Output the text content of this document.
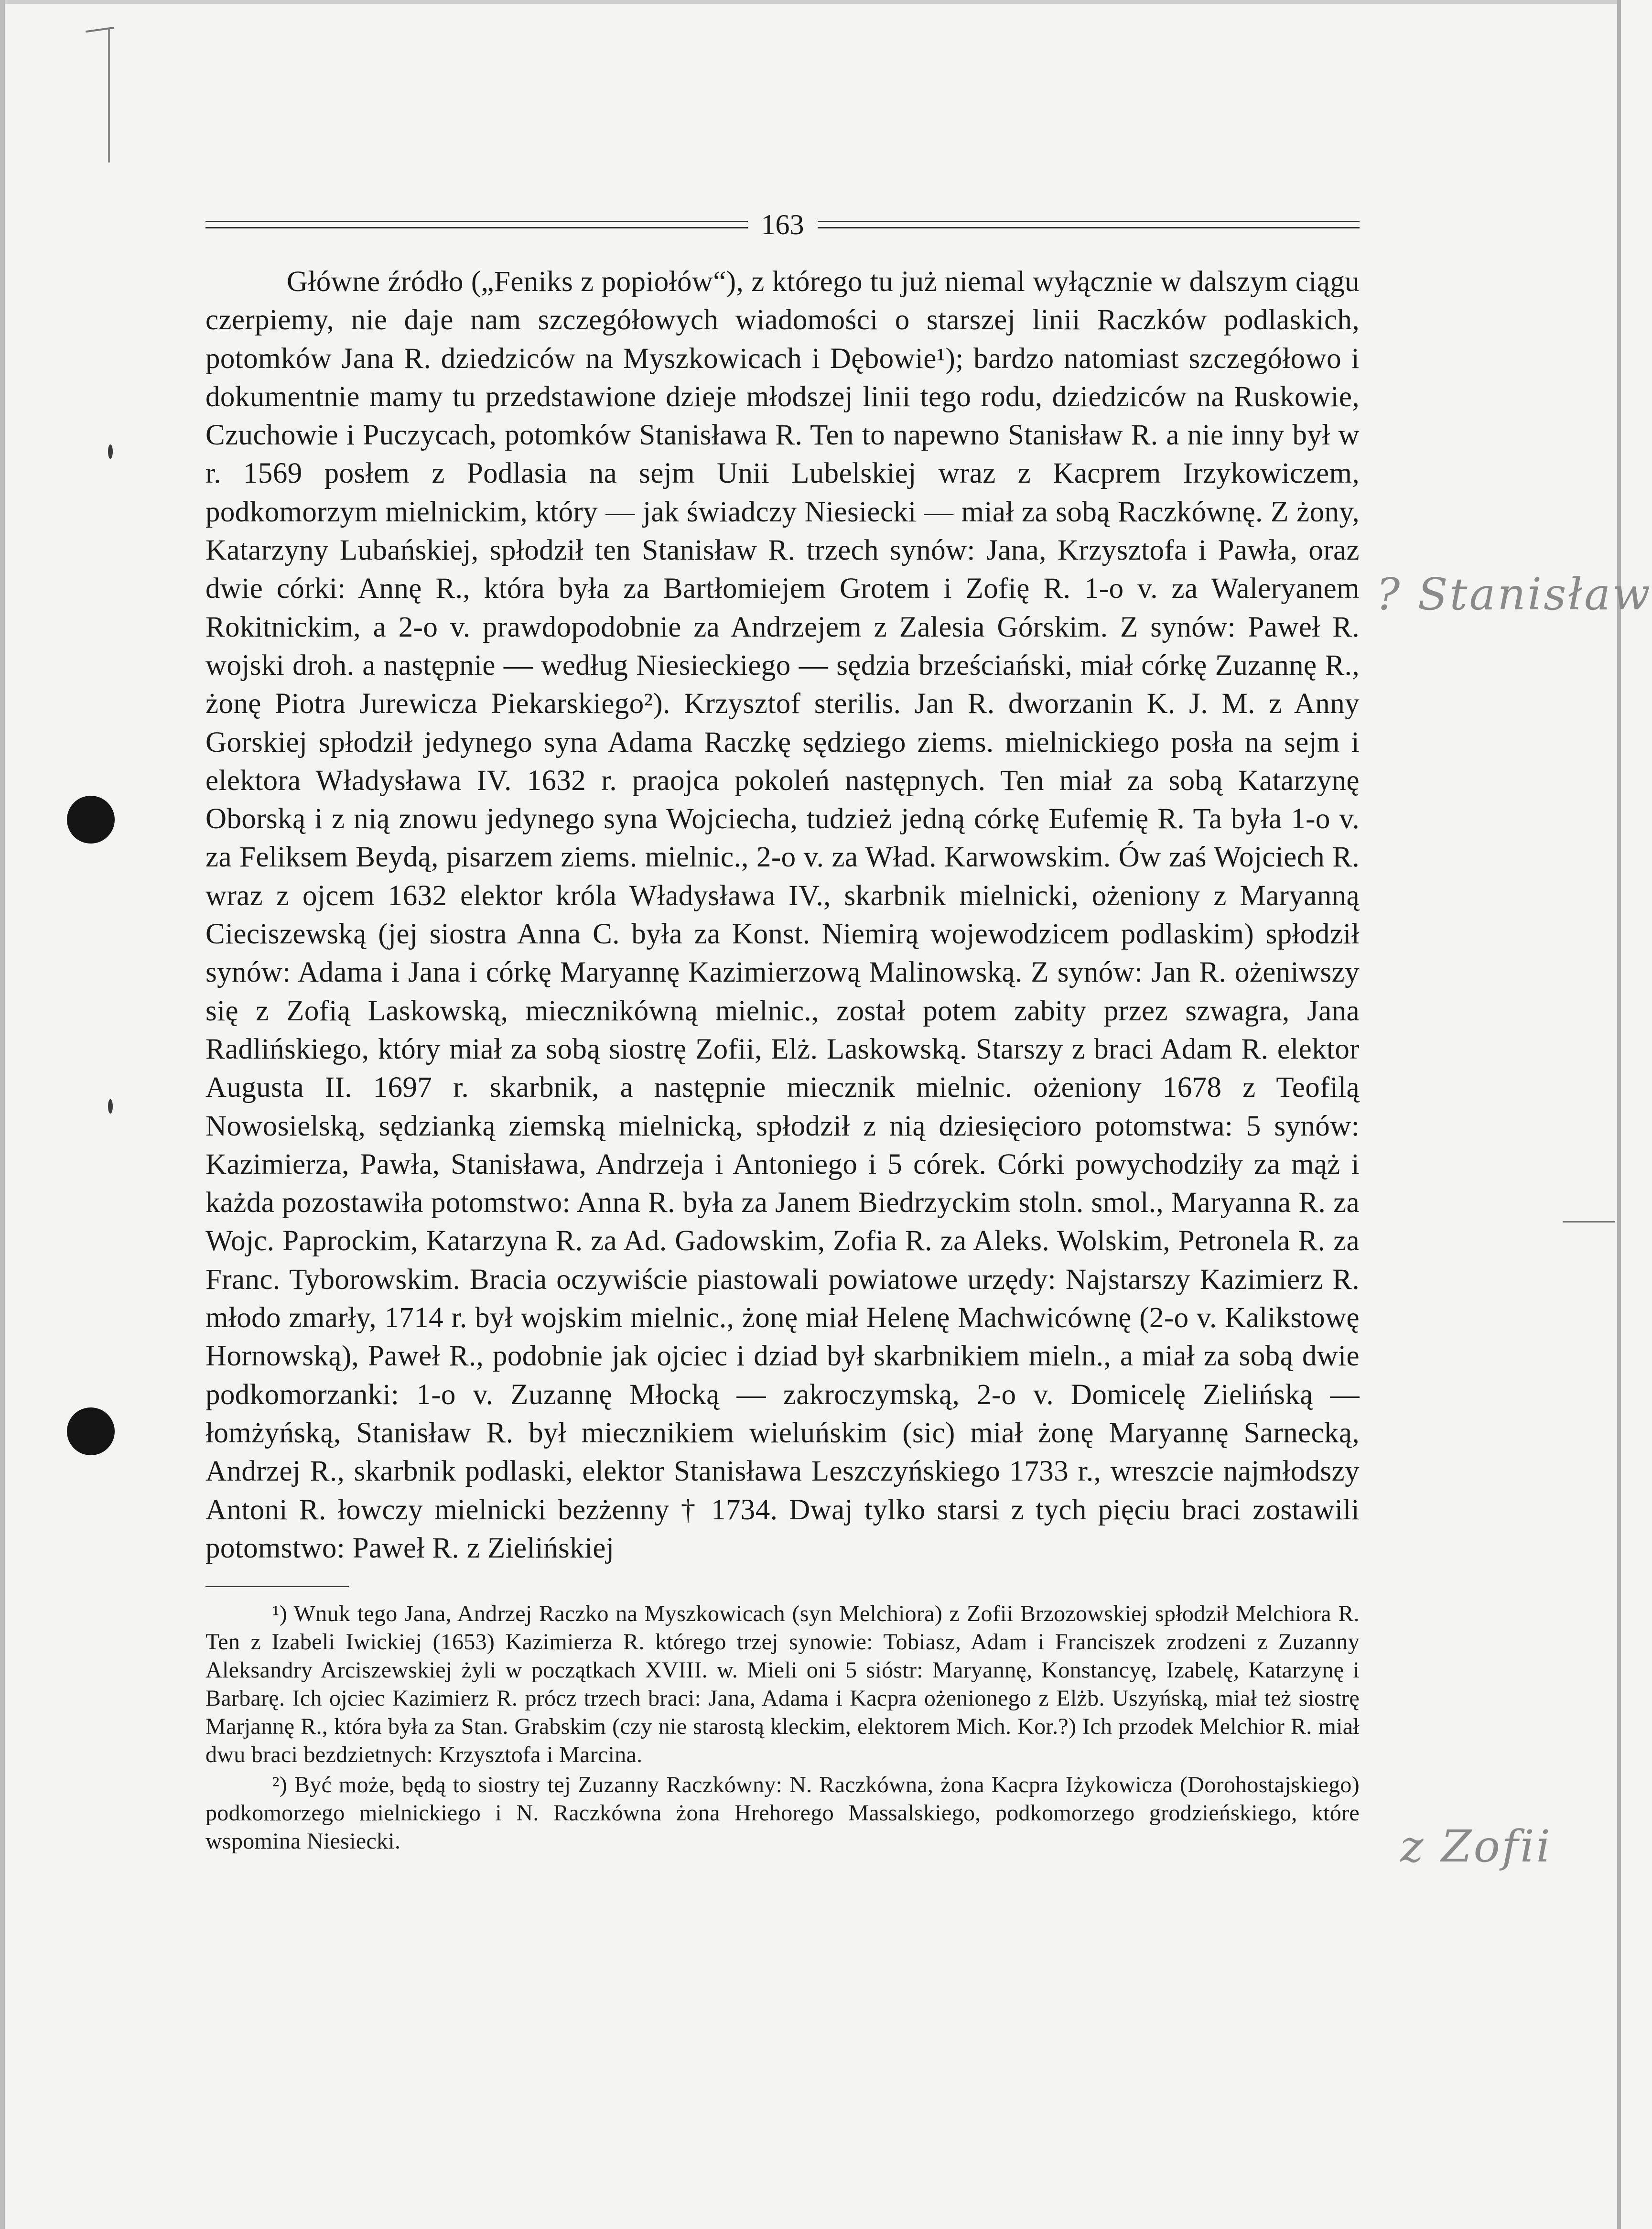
163

Główne źródło („Feniks z popiołów“), z którego tu już niemal wyłącznie w dalszym ciągu czerpiemy, nie daje nam szczegółowych wiadomości o starszej linii Raczków podlaskich, potomków Jana R. dziedziców na Myszkowicach i Dębowie¹); bardzo natomiast szczegółowo i dokumentnie mamy tu przedstawione dzieje młodszej linii tego rodu, dziedziców na Ruskowie, Czuchowie i Puczycach, potomków Stanisława R. Ten to napewno Stanisław R. a nie inny był w r. 1569 posłem z Podlasia na sejm Unii Lubelskiej wraz z Kacprem Irzykowiczem, podkomorzym mielnickim, który — jak świadczy Niesiecki — miał za sobą Raczkównę. Z żony, Katarzyny Lubańskiej, spłodził ten Stanisław R. trzech synów: Jana, Krzysztofa i Pawła, oraz dwie córki: Annę R., która była za Bartłomiejem Grotem i Zofię R. 1-o v. za Waleryanem Rokitnickim, a 2-o v. prawdopodobnie za Andrzejem z Zalesia Górskim. Z synów: Paweł R. wojski droh. a następnie — według Niesieckiego — sędzia brześciański, miał córkę Zuzannę R., żonę Piotra Jurewicza Piekarskiego²). Krzysztof sterilis. Jan R. dworzanin K. J. M. z Anny Gorskiej spłodził jedynego syna Adama Raczkę sędziego ziems. mielnickiego posła na sejm i elektora Władysława IV. 1632 r. praojca pokoleń następnych. Ten miał za sobą Katarzynę Oborską i z nią znowu jedynego syna Wojciecha, tudzież jedną córkę Eufemię R. Ta była 1-o v. za Feliksem Beydą, pisarzem ziems. mielnic., 2-o v. za Wład. Karwowskim. Ów zaś Wojciech R. wraz z ojcem 1632 elektor króla Władysława IV., skarbnik mielnicki, ożeniony z Maryanną Cieciszewską (jej siostra Anna C. była za Konst. Niemirą wojewodzicem podlaskim) spłodził synów: Adama i Jana i córkę Maryannę Kazimierzową Malinowską. Z synów: Jan R. ożeniwszy się z Zofią Laskowską, miecznikówną mielnic., został potem zabity przez szwagra, Jana Radlińskiego, który miał za sobą siostrę Zofii, Elż. Laskowską. Starszy z braci Adam R. elektor Augusta II. 1697 r. skarbnik, a następnie miecznik mielnic. ożeniony 1678 z Teofilą Nowosielską, sędzianką ziemską mielnicką, spłodził z nią dziesięcioro potomstwa: 5 synów: Kazimierza, Pawła, Stanisława, Andrzeja i Antoniego i 5 córek. Córki powychodziły za mąż i każda pozostawiła potomstwo: Anna R. była za Janem Biedrzyckim stoln. smol., Maryanna R. za Wojc. Paprockim, Katarzyna R. za Ad. Gadowskim, Zofia R. za Aleks. Wolskim, Petronela R. za Franc. Tyborowskim. Bracia oczywiście piastowali powiatowe urzędy: Najstarszy Kazimierz R. młodo zmarły, 1714 r. był wojskim mielnic., żonę miał Helenę Machwicównę (2-o v. Kalikstowę Hornowską), Paweł R., podobnie jak ojciec i dziad był skarbnikiem mieln., a miał za sobą dwie podkomorzanki: 1-o v. Zuzannę Młocką — zakroczymską, 2-o v. Domicelę Zielińską — łomżyńską, Stanisław R. był miecznikiem wieluńskim (sic) miał żonę Maryannę Sarnecką, Andrzej R., skarbnik podlaski, elektor Stanisława Leszczyńskiego 1733 r., wreszcie najmłodszy Antoni R. łowczy mielnicki bezżenny † 1734. Dwaj tylko starsi z tych pięciu braci zostawili potomstwo: Paweł R. z Zielińskiej

¹) Wnuk tego Jana, Andrzej Raczko na Myszkowicach (syn Melchiora) z Zofii Brzozowskiej spłodził Melchiora R. Ten z Izabeli Iwickiej (1653) Kazimierza R. którego trzej synowie: Tobiasz, Adam i Franciszek zrodzeni z Zuzanny Aleksandry Arciszewskiej żyli w początkach XVIII. w. Mieli oni 5 sióstr: Maryannę, Konstancyę, Izabelę, Katarzynę i Barbarę. Ich ojciec Kazimierz R. prócz trzech braci: Jana, Adama i Kacpra ożenionego z Elżb. Uszyńską, miał też siostrę Marjannę R., która była za Stan. Grabskim (czy nie starostą kleckim, elektorem Mich. Kor.?) Ich przodek Melchior R. miał dwu braci bezdzietnych: Krzysztofa i Marcina.

²) Być może, będą to siostry tej Zuzanny Raczkówny: N. Raczkówna, żona Kacpra Iżykowicza (Dorohostajskiego) podkomorzego mielnickiego i N. Raczkówna żona Hrehorego Massalskiego, podkomorzego grodzieńskiego, które wspomina Niesiecki.

? Stanisław
z Zofii
